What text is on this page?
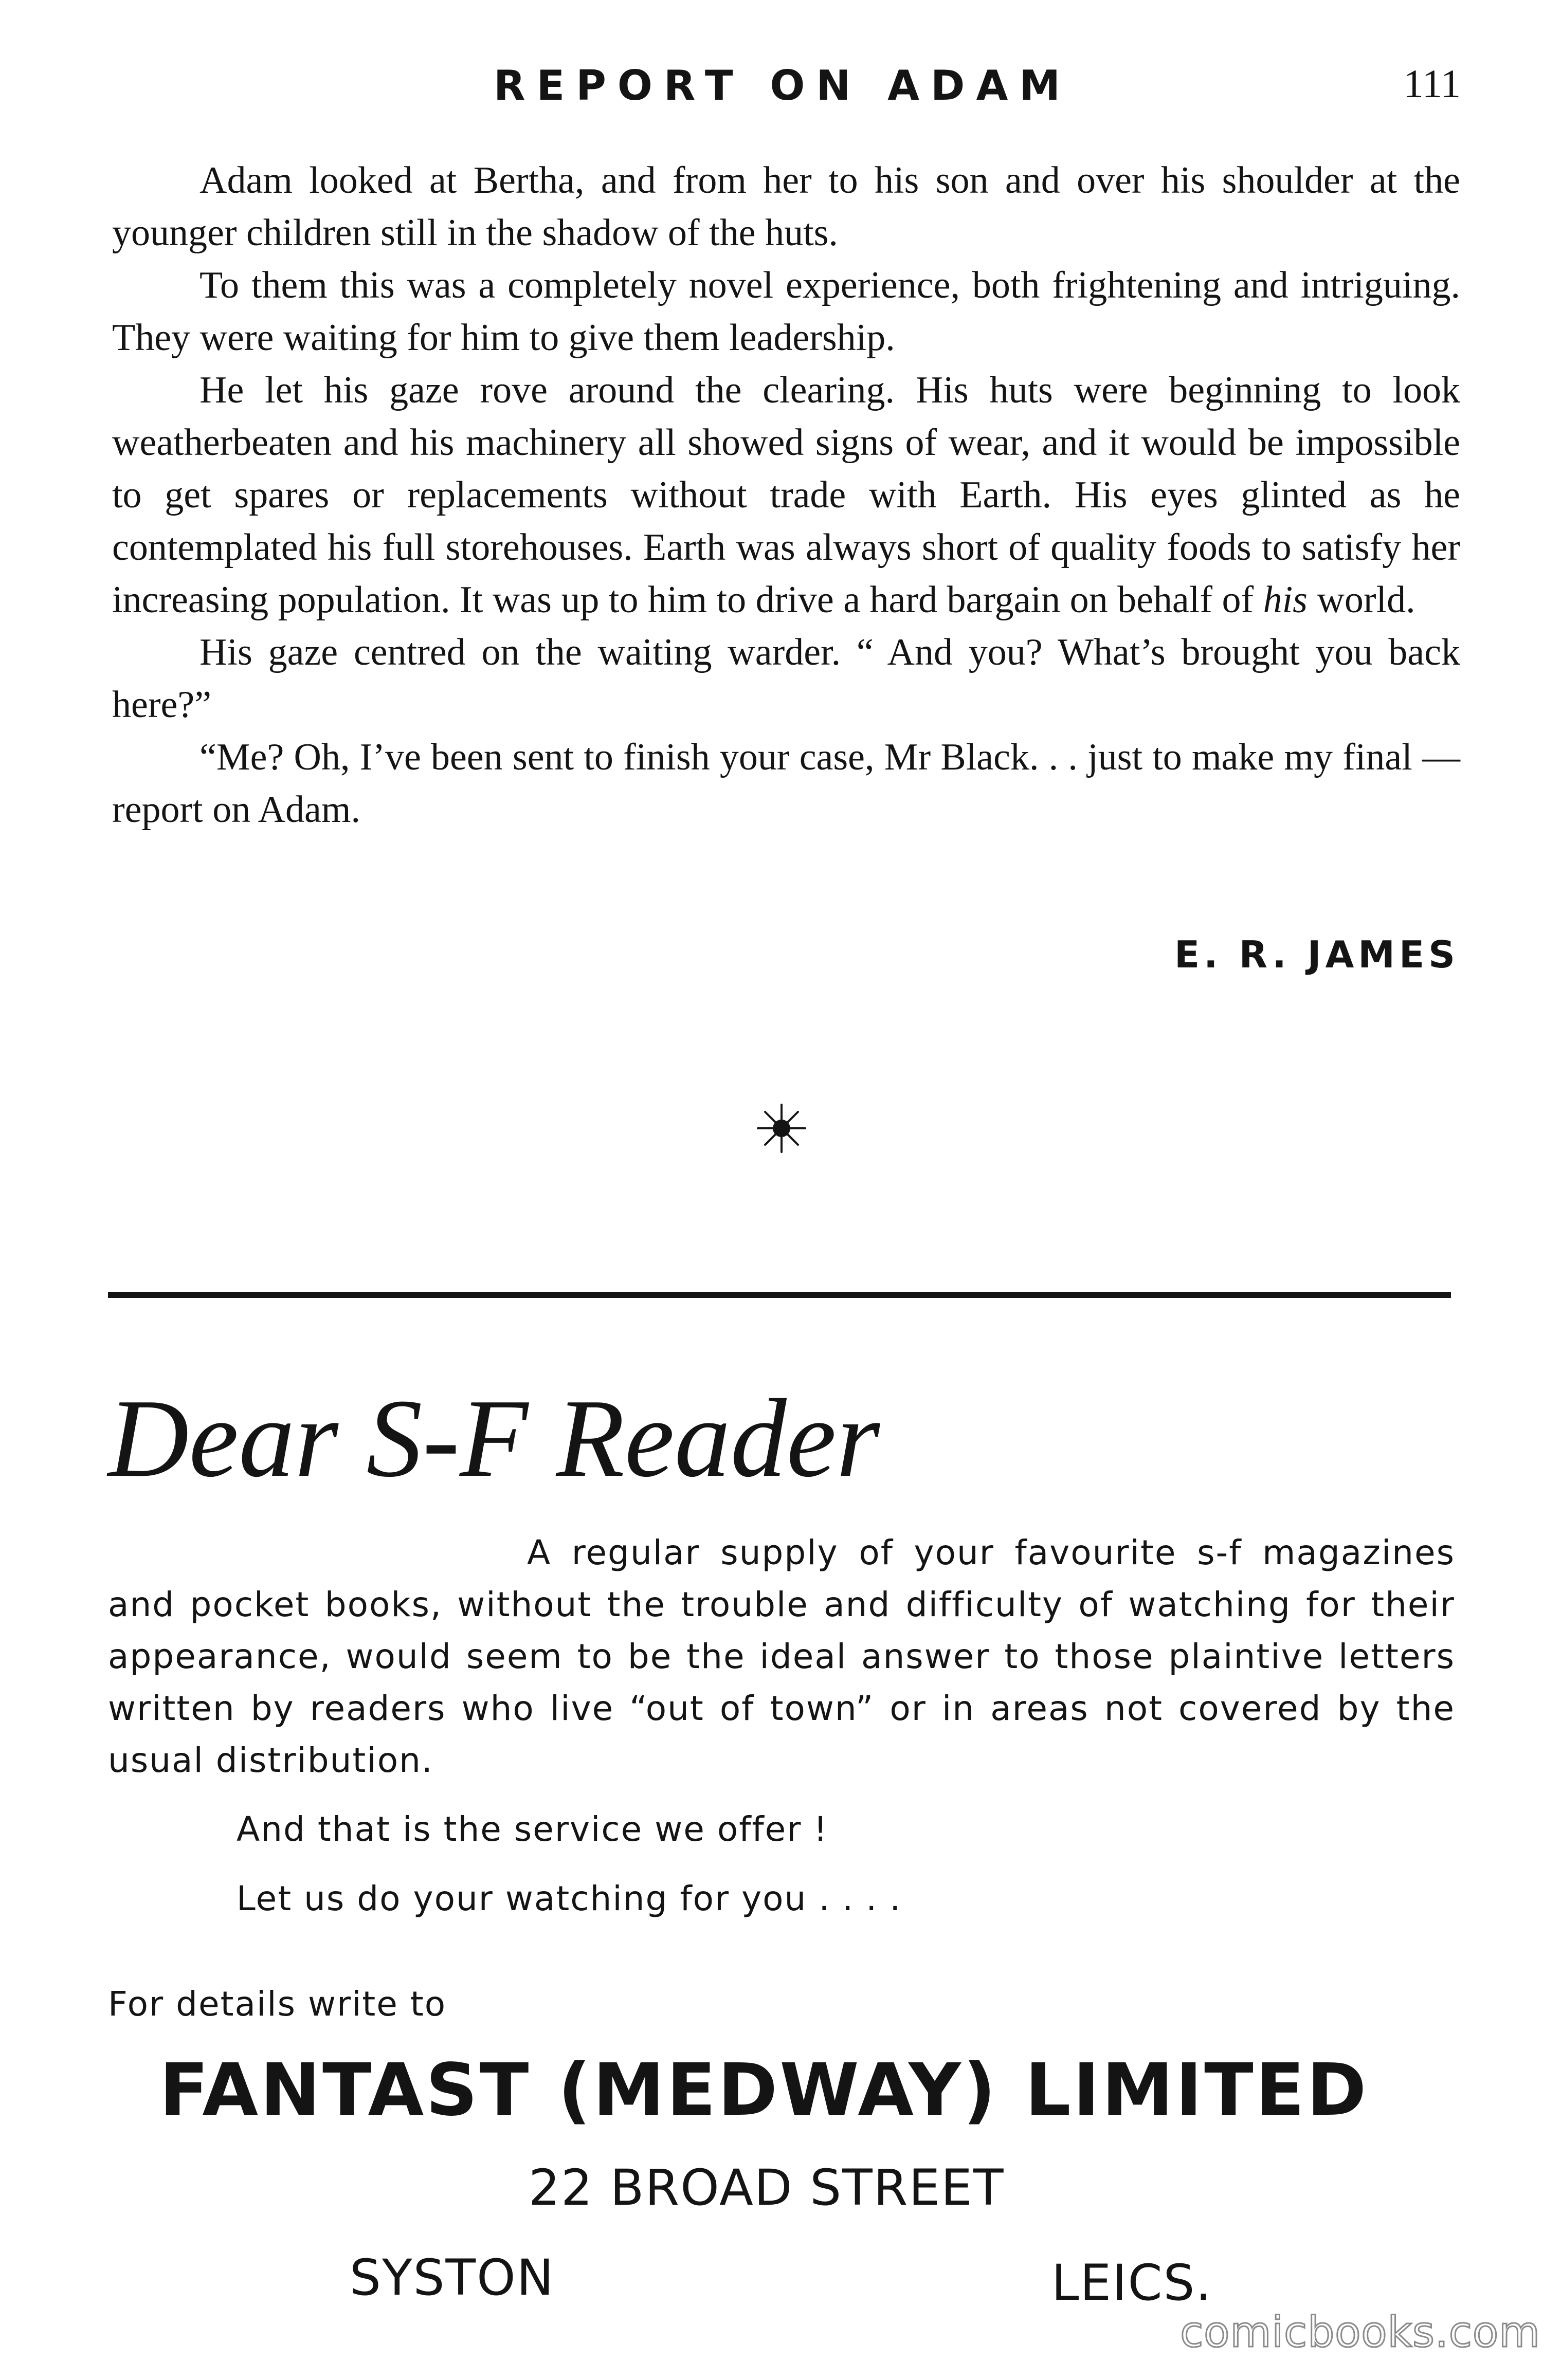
REPORT ON ADAM	111

Adam looked at Bertha, and from her to his son and over his shoulder at the younger children still in the shadow of the huts.

To them this was a completely novel experience, both frightening and intriguing. They were waiting for him to give them leadership.

He let his gaze rove around the clearing. His huts were beginning to look weatherbeaten and his machinery all showed signs of wear, and it would be impossible to get spares or replacements without trade with Earth. His eyes glinted as he contemplated his full storehouses. Earth was always short of quality foods to satisfy her increasing population. It was up to him to drive a hard bargain on behalf of his world.

His gaze centred on the waiting warder. “ And you? What’s brought you back here?”

“Me? Oh, I’ve been sent to finish your case, Mr Black. . . just to make my final — report on Adam.

E. R. JAMES
Dear S-F Reader

A regular supply of your favourite s-f magazines and pocket books, without the trouble and difficulty of watching for their appearance, would seem to be the ideal answer to those plaintive letters written by readers who live “out of town” or in areas not covered by the usual distribution.

And that is the service we offer !
Let us do your watching for you . . . .
For details write to
FANTAST (MEDWAY) LIMITED
22 BROAD STREET
SYSTON	LEICS.
comicbooks.com
